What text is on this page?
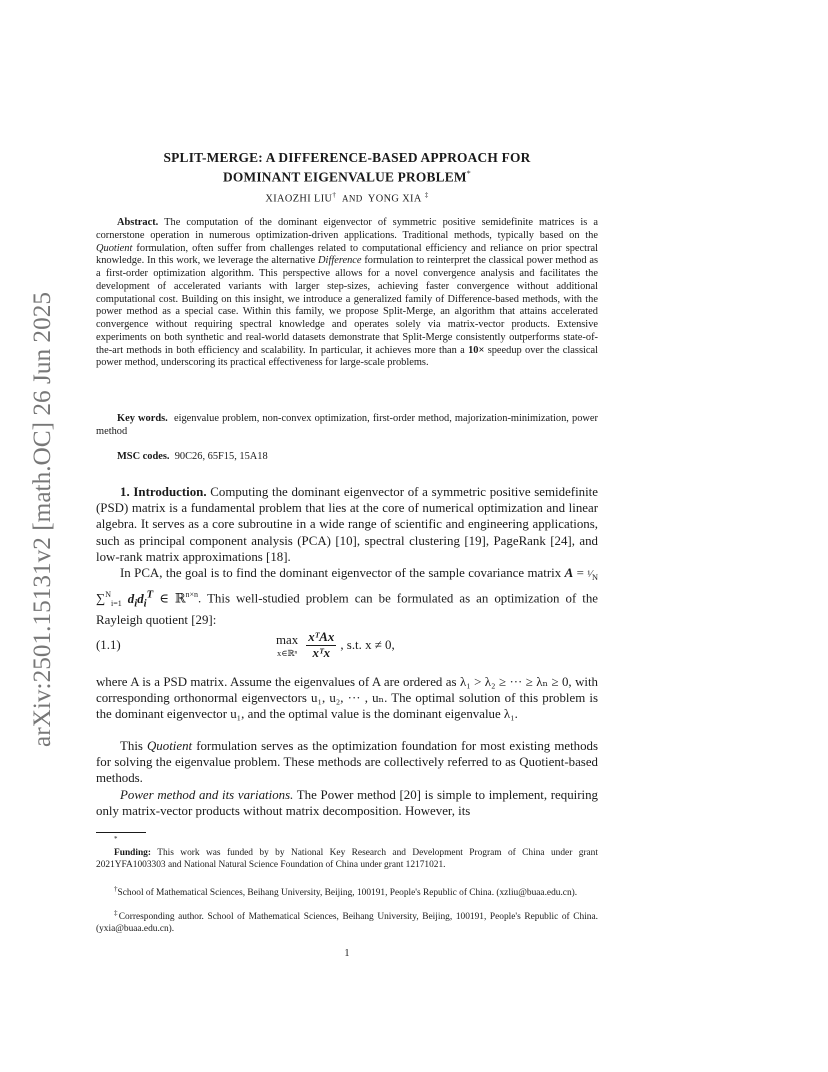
arXiv:2501.15131v2 [math.OC] 26 Jun 2025
SPLIT-MERGE: A DIFFERENCE-BASED APPROACH FOR
DOMINANT EIGENVALUE PROBLEM*
XIAOZHI LIU† AND YONG XIA ‡

Abstract. The computation of the dominant eigenvector of symmetric positive semidefinite matrices is a cornerstone operation in numerous optimization-driven applications. Traditional methods, typically based on the Quotient formulation, often suffer from challenges related to computational efficiency and reliance on prior spectral knowledge. In this work, we leverage the alternative Difference formulation to reinterpret the classical power method as a first-order optimization algorithm. This perspective allows for a novel convergence analysis and facilitates the development of accelerated variants with larger step-sizes, achieving faster convergence without additional computational cost. Building on this insight, we introduce a generalized family of Difference-based methods, with the power method as a special case. Within this family, we propose Split-Merge, an algorithm that attains accelerated convergence without requiring spectral knowledge and operates solely via matrix-vector products. Extensive experiments on both synthetic and real-world datasets demonstrate that Split-Merge consistently outperforms state-of-the-art methods in both efficiency and scalability. In particular, it achieves more than a 10× speedup over the classical power method, underscoring its practical effectiveness for large-scale problems.

Key words. eigenvalue problem, non-convex optimization, first-order method, majorization-minimization, power method

MSC codes. 90C26, 65F15, 15A18

1. Introduction. Computing the dominant eigenvector of a symmetric positive semidefinite (PSD) matrix is a fundamental problem that lies at the core of numerical optimization and linear algebra. It serves as a core subroutine in a wide range of scientific and engineering applications, such as principal component analysis (PCA) [10], spectral clustering [19], PageRank [24], and low-rank matrix approximations [18].

In PCA, the goal is to find the dominant eigenvector of the sample covariance matrix $A = ^1⁄_N$ ∑$^N_{i=1}$ $d_id_i^T$ ∈ ℝ$^{n\times n}$. This well-studied problem can be formulated as an optimization of the Rayleigh quotient [29]:

(1.1)	max
x∈ℝⁿ $\frac{\text{xᵀAx}}{\text{xᵀx}}$ , s.t. x ≠ 0,

where A is a PSD matrix. Assume the eigenvalues of A are ordered as λ₁ > λ₂ ≥ ··· ≥ λₙ ≥ 0, with corresponding orthonormal eigenvectors u₁, u₂, ··· , uₙ. The optimal solution of this problem is the dominant eigenvector u₁, and the optimal value is the dominant eigenvalue λ₁.

This Quotient formulation serves as the optimization foundation for most existing methods for solving the eigenvalue problem. These methods are collectively referred to as Quotient-based methods.

Power method and its variations. The Power method [20] is simple to implement, requiring only matrix-vector products without matrix decomposition. However, its

*

Funding: This work was funded by by National Key Research and Development Program of China under grant 2021YFA1003303 and National Natural Science Foundation of China under grant 12171021.

†School of Mathematical Sciences, Beihang University, Beijing, 100191, People's Republic of China. (xzliu@buaa.edu.cn).

‡Corresponding author. School of Mathematical Sciences, Beihang University, Beijing, 100191, People's Republic of China. (yxia@buaa.edu.cn).

1
